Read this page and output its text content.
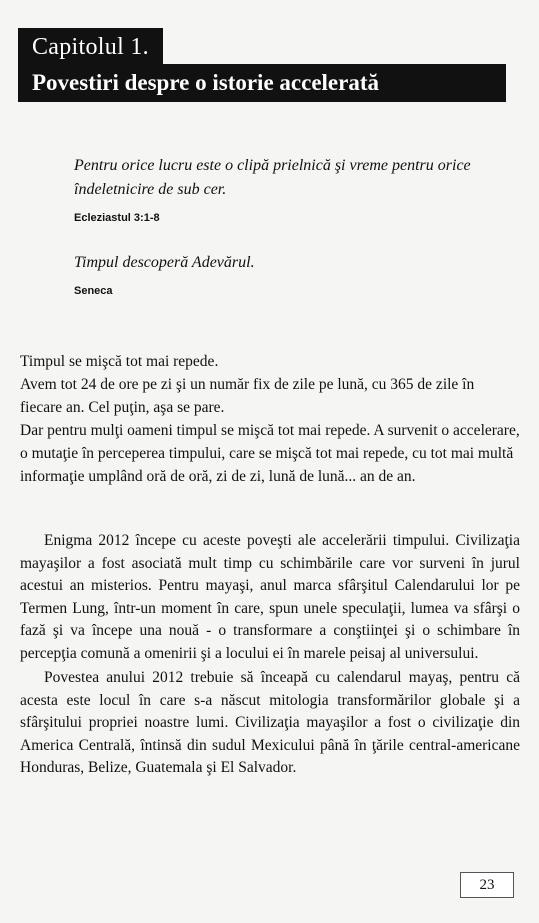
Capitolul 1.
Povestiri despre o istorie accelerată

Pentru orice lucru este o clipă prielnică şi vreme pentru orice îndeletnicire de sub cer.

Ecleziastul 3:1-8

Timpul descoperă Adevărul.

Seneca

Timpul se mişcă tot mai repede.

Avem tot 24 de ore pe zi şi un număr fix de zile pe lună, cu 365 de zile în fiecare an. Cel puţin, aşa se pare.

Dar pentru mulţi oameni timpul se mişcă tot mai repede. A survenit o accelerare, o mutaţie în perceperea timpului, care se mişcă tot mai repede, cu tot mai multă informaţie umplând oră de oră, zi de zi, lună de lună... an de an.

Enigma 2012 începe cu aceste poveşti ale accelerării timpului. Civilizaţia mayaşilor a fost asociată mult timp cu schimbările care vor surveni în jurul acestui an misterios. Pentru mayaşi, anul marca sfârşitul Calendarului lor pe Termen Lung, într-un moment în care, spun unele speculaţii, lumea va sfârşi o fază şi va începe una nouă - o transformare a conştiinţei şi o schimbare în percepţia comună a omenirii şi a locului ei în marele peisaj al universului.

Povestea anului 2012 trebuie să înceapă cu calendarul mayaş, pentru că acesta este locul în care s-a născut mitologia transformărilor globale şi a sfârşitului propriei noastre lumi. Civilizaţia mayaşilor a fost o civilizaţie din America Centrală, întinsă din sudul Mexicului până în ţările central-americane Honduras, Belize, Guatemala şi El Salvador.

23
